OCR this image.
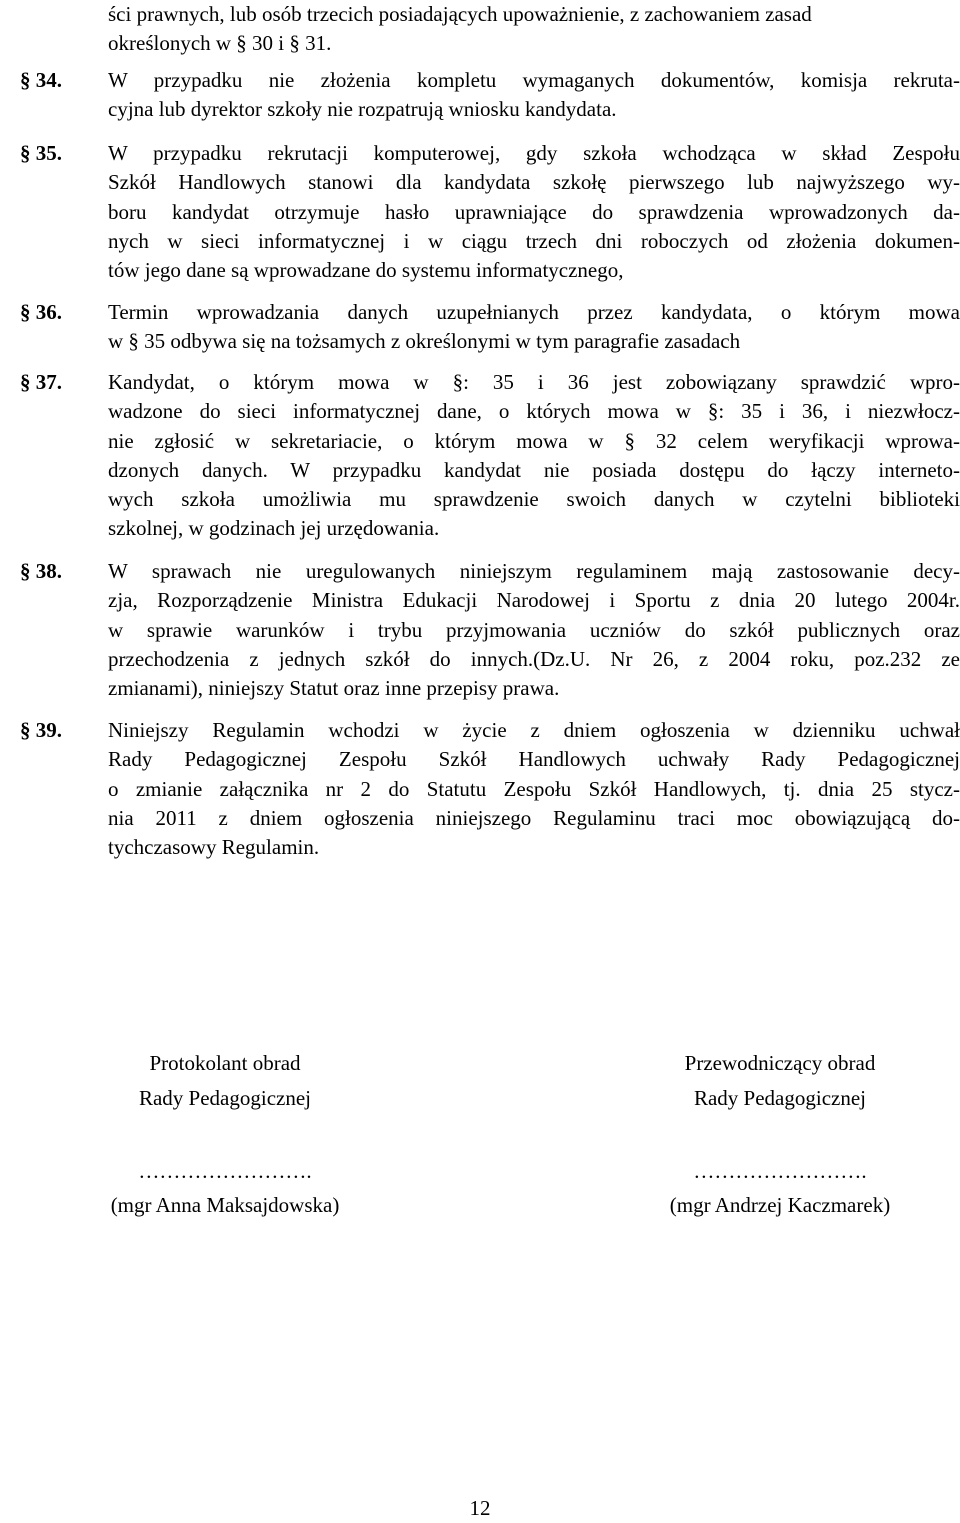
ści prawnych, lub osób trzecich posiadających upoważnienie, z zachowaniem zasad
określonych w § 30 i § 31.
§ 34. W przypadku nie złożenia kompletu wymaganych dokumentów, komisja rekruta-
cyjna lub dyrektor szkoły nie rozpatrują wniosku kandydata.
§ 35. W przypadku rekrutacji komputerowej, gdy szkoła wchodząca w skład Zespołu
Szkół Handlowych stanowi dla kandydata szkołę pierwszego lub najwyższego wy-
boru kandydat otrzymuje hasło uprawniające do sprawdzenia wprowadzonych da-
nych w sieci informatycznej i w ciągu trzech dni roboczych od złożenia dokumen-
tów jego dane są wprowadzane do systemu informatycznego,
§ 36. Termin wprowadzania danych uzupełnianych przez kandydata, o którym mowa
w § 35 odbywa się na tożsamych z określonymi w tym paragrafie zasadach
§ 37. Kandydat, o którym mowa w §: 35 i 36 jest zobowiązany sprawdzić wpro-
wadzone do sieci informatycznej dane, o których mowa w §: 35 i 36, i niezwłocz-
nie zgłosić w sekretariacie, o którym mowa w § 32 celem weryfikacji wprowa-
dzonych danych. W przypadku kandydat nie posiada dostępu do łączy interneto-
wych szkoła umożliwia mu sprawdzenie swoich danych w czytelni biblioteki
szkolnej, w godzinach jej urzędowania.
§ 38. W sprawach nie uregulowanych niniejszym regulaminem mają zastosowanie decy-
zja, Rozporządzenie Ministra Edukacji Narodowej i Sportu z dnia 20 lutego 2004r.
w sprawie warunków i trybu przyjmowania uczniów do szkół publicznych oraz
przechodzenia z jednych szkół do innych.(Dz.U. Nr 26, z 2004 roku, poz.232 ze
zmianami), niniejszy Statut oraz inne przepisy prawa.
§ 39. Niniejszy Regulamin wchodzi w życie z dniem ogłoszenia w dzienniku uchwał
Rady Pedagogicznej Zespołu Szkół Handlowych uchwały Rady Pedagogicznej
o zmianie załącznika nr 2 do Statutu Zespołu Szkół Handlowych, tj. dnia 25 stycz-
nia 2011 z dniem ogłoszenia niniejszego Regulaminu traci moc obowiązującą do-
tychczasowy Regulamin.
Protokolant obrad
Rady Pedagogicznej
…………………….
(mgr Anna Maksajdowska)
Przewodniczący obrad
Rady Pedagogicznej
…………………….
(mgr Andrzej Kaczmarek)
12
